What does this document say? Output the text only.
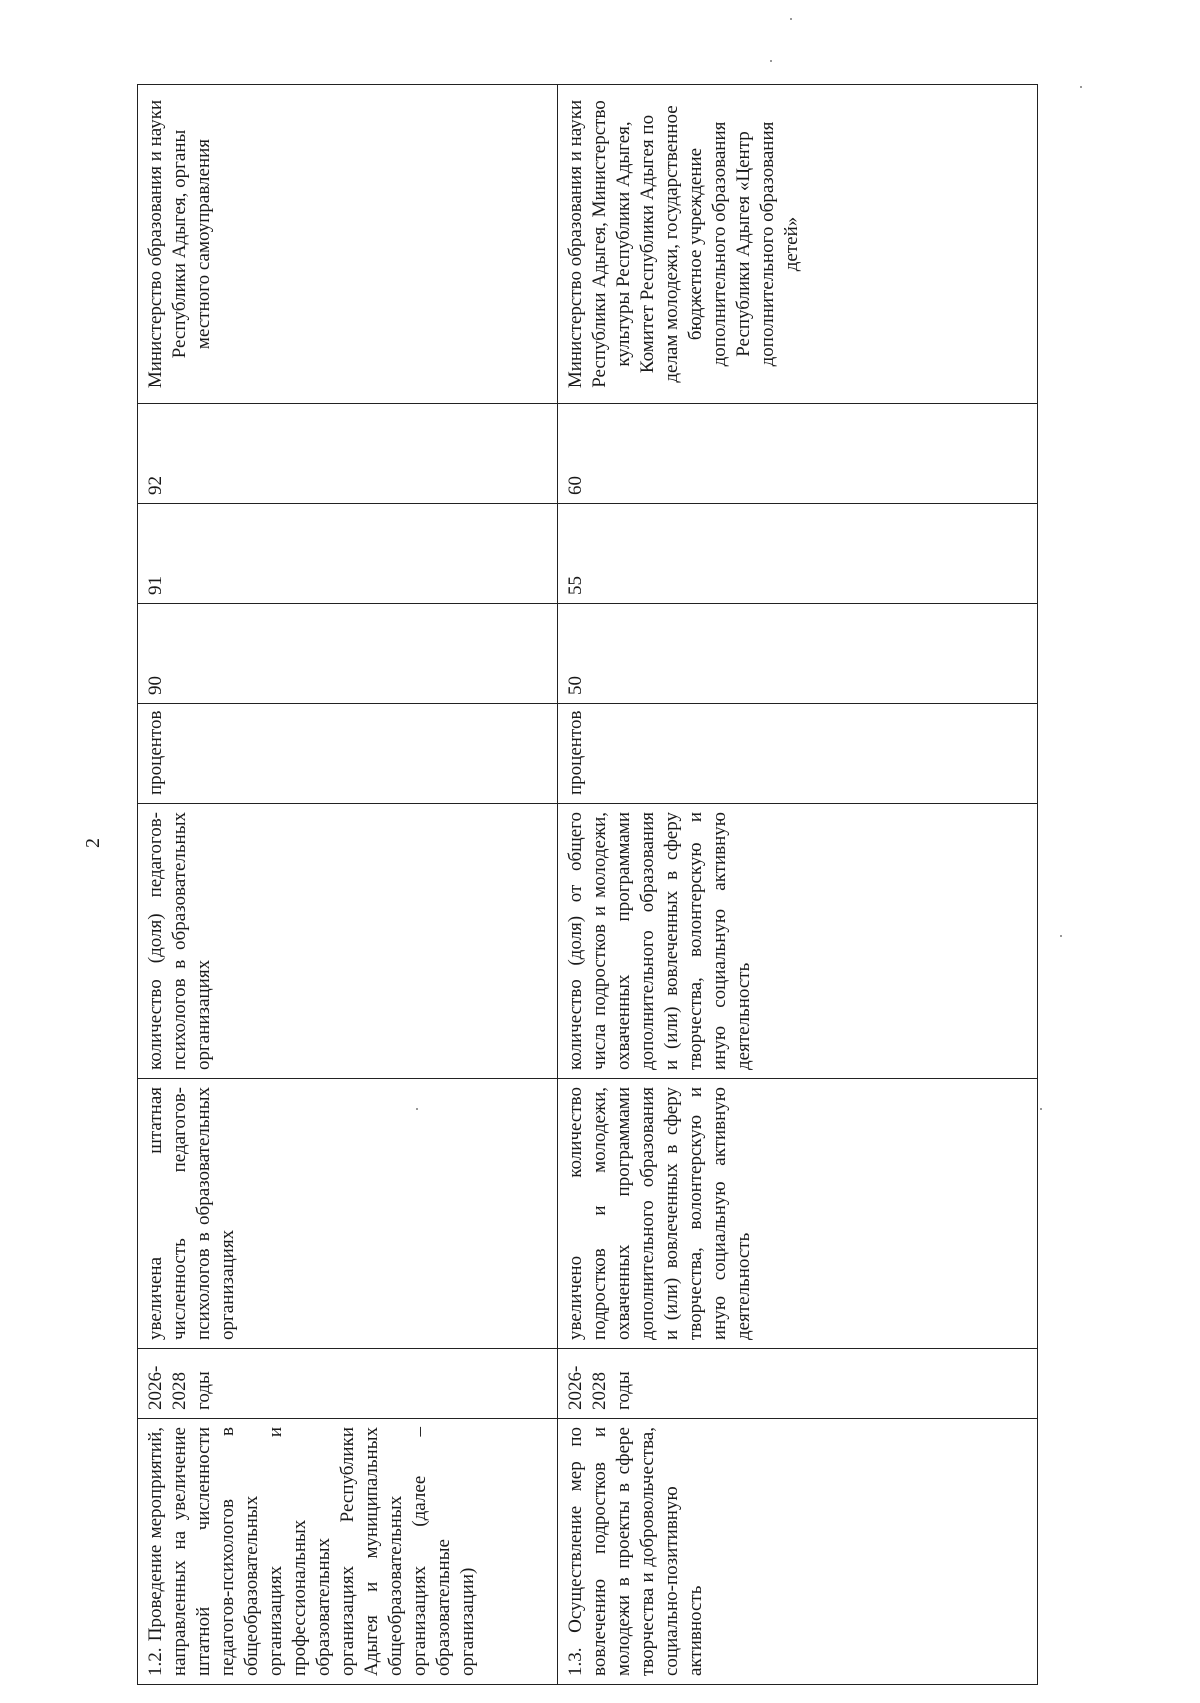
2
1.2. Проведение мероприятий, направленных на увеличение штатной численности педагогов-психологов в общеобразовательных организациях и профессиональных образовательных организациях Республики Адыгея и муниципальных общеобразовательных организациях (далее – образовательные организации)	2026-2028 годы	увеличена штатная численность педагогов-психологов в образовательных организациях	количество (доля) педагогов-психологов в образовательных организациях	процентов	90	91	92	Министерство образования и науки Республики Адыгея, органы местного самоуправления
1.3. Осуществление мер по вовлечению подростков и молодежи в проекты в сфере творчества и добровольчества, социально-позитивную активность	2026-2028 годы	увеличено количество подростков и молодежи, охваченных программами дополнительного образования и (или) вовлеченных в сферу творчества, волонтерскую и иную социальную активную деятельность	количество (доля) от общего числа подростков и молодежи, охваченных программами дополнительного образования и (или) вовлеченных в сферу творчества, волонтерскую и иную социальную активную деятельность	процентов	50	55	60	Министерство образования и науки Республики Адыгея, Министерство культуры Республики Адыгея, Комитет Республики Адыгея по делам молодежи, государственное бюджетное учреждение дополнительного образования Республики Адыгея «Центр дополнительного образования детей»
